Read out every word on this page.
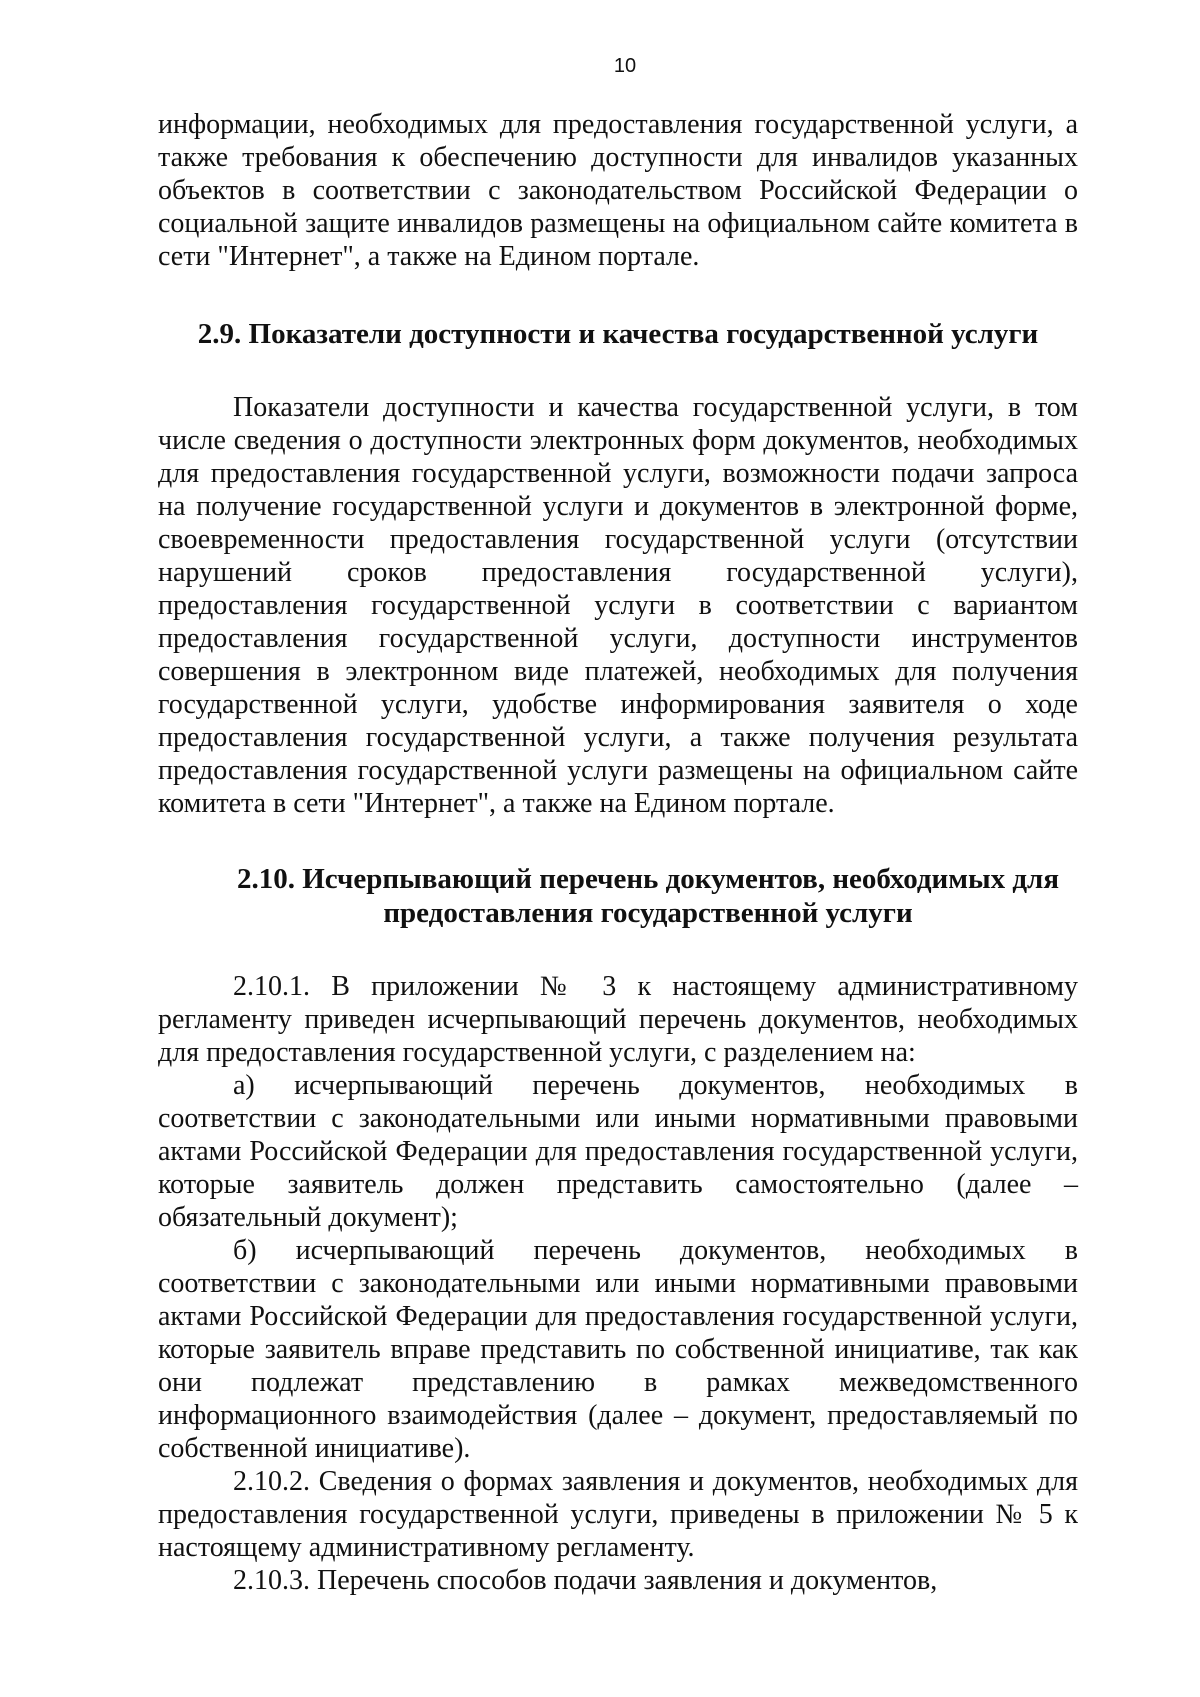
10

информации, необходимых для предоставления государственной услуги, а также требования к обеспечению доступности для инвалидов указанных объектов в соответствии с законодательством Российской Федерации о социальной защите инвалидов размещены на официальном сайте комитета в сети "Интернет", а также на Едином портале.

2.9. Показатели доступности и качества государственной услуги

Показатели доступности и качества государственной услуги, в том числе сведения о доступности электронных форм документов, необходимых для предоставления государственной услуги, возможности подачи запроса на получение государственной услуги и документов в электронной форме, своевременности предоставления государственной услуги (отсутствии нарушений сроков предоставления государственной услуги), предоставления государственной услуги в соответствии с вариантом предоставления государственной услуги, доступности инструментов совершения в электронном виде платежей, необходимых для получения государственной услуги, удобстве информирования заявителя о ходе предоставления государственной услуги, а также получения результата предоставления государственной услуги размещены на официальном сайте комитета в сети "Интернет", а также на Едином портале.

2.10. Исчерпывающий перечень документов, необходимых для предоставления государственной услуги

2.10.1. В приложении № 3 к настоящему административному регламенту приведен исчерпывающий перечень документов, необходимых для предоставления государственной услуги, с разделением на:

а) исчерпывающий перечень документов, необходимых в соответствии с законодательными или иными нормативными правовыми актами Российской Федерации для предоставления государственной услуги, которые заявитель должен представить самостоятельно (далее – обязательный документ);

б) исчерпывающий перечень документов, необходимых в соответствии с законодательными или иными нормативными правовыми актами Российской Федерации для предоставления государственной услуги, которые заявитель вправе представить по собственной инициативе, так как они подлежат представлению в рамках межведомственного информационного взаимодействия (далее – документ, предоставляемый по собственной инициативе).

2.10.2. Сведения о формах заявления и документов, необходимых для предоставления государственной услуги, приведены в приложении № 5 к настоящему административному регламенту.

2.10.3. Перечень способов подачи заявления и документов,
